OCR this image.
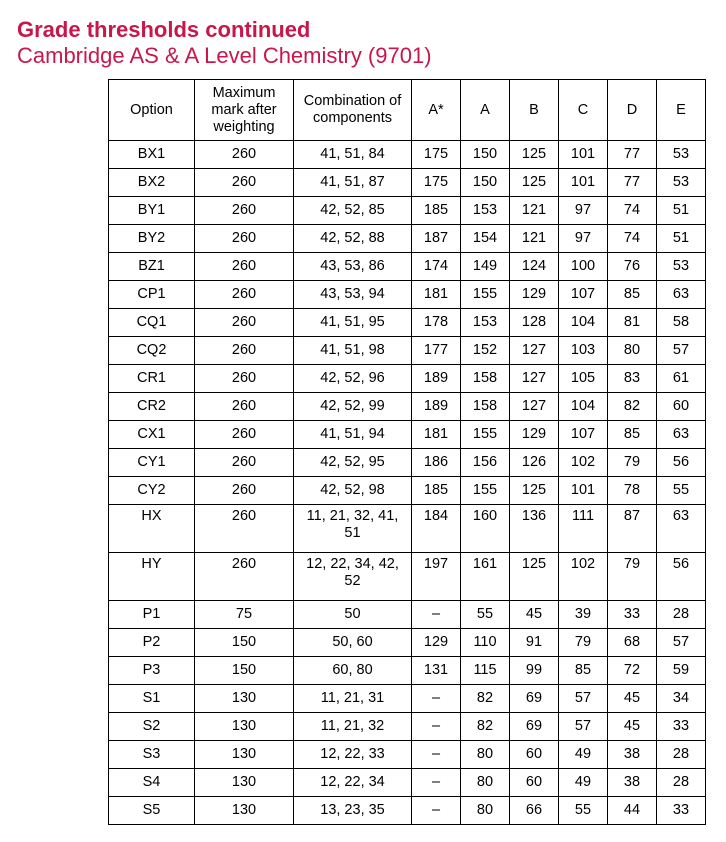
Grade thresholds continued
Cambridge AS & A Level Chemistry (9701)
Option	Maximum mark after weighting	Combination of components	A*	A	B	C	D	E
BX1	260	41, 51, 84	175	150	125	101	77	53
BX2	260	41, 51, 87	175	150	125	101	77	53
BY1	260	42, 52, 85	185	153	121	97	74	51
BY2	260	42, 52, 88	187	154	121	97	74	51
BZ1	260	43, 53, 86	174	149	124	100	76	53
CP1	260	43, 53, 94	181	155	129	107	85	63
CQ1	260	41, 51, 95	178	153	128	104	81	58
CQ2	260	41, 51, 98	177	152	127	103	80	57
CR1	260	42, 52, 96	189	158	127	105	83	61
CR2	260	42, 52, 99	189	158	127	104	82	60
CX1	260	41, 51, 94	181	155	129	107	85	63
CY1	260	42, 52, 95	186	156	126	102	79	56
CY2	260	42, 52, 98	185	155	125	101	78	55
HX	260	11, 21, 32, 41, 51	184	160	136	111	87	63
HY	260	12, 22, 34, 42, 52	197	161	125	102	79	56
P1	75	50	–	55	45	39	33	28
P2	150	50, 60	129	110	91	79	68	57
P3	150	60, 80	131	115	99	85	72	59
S1	130	11, 21, 31	–	82	69	57	45	34
S2	130	11, 21, 32	–	82	69	57	45	33
S3	130	12, 22, 33	–	80	60	49	38	28
S4	130	12, 22, 34	–	80	60	49	38	28
S5	130	13, 23, 35	–	80	66	55	44	33
